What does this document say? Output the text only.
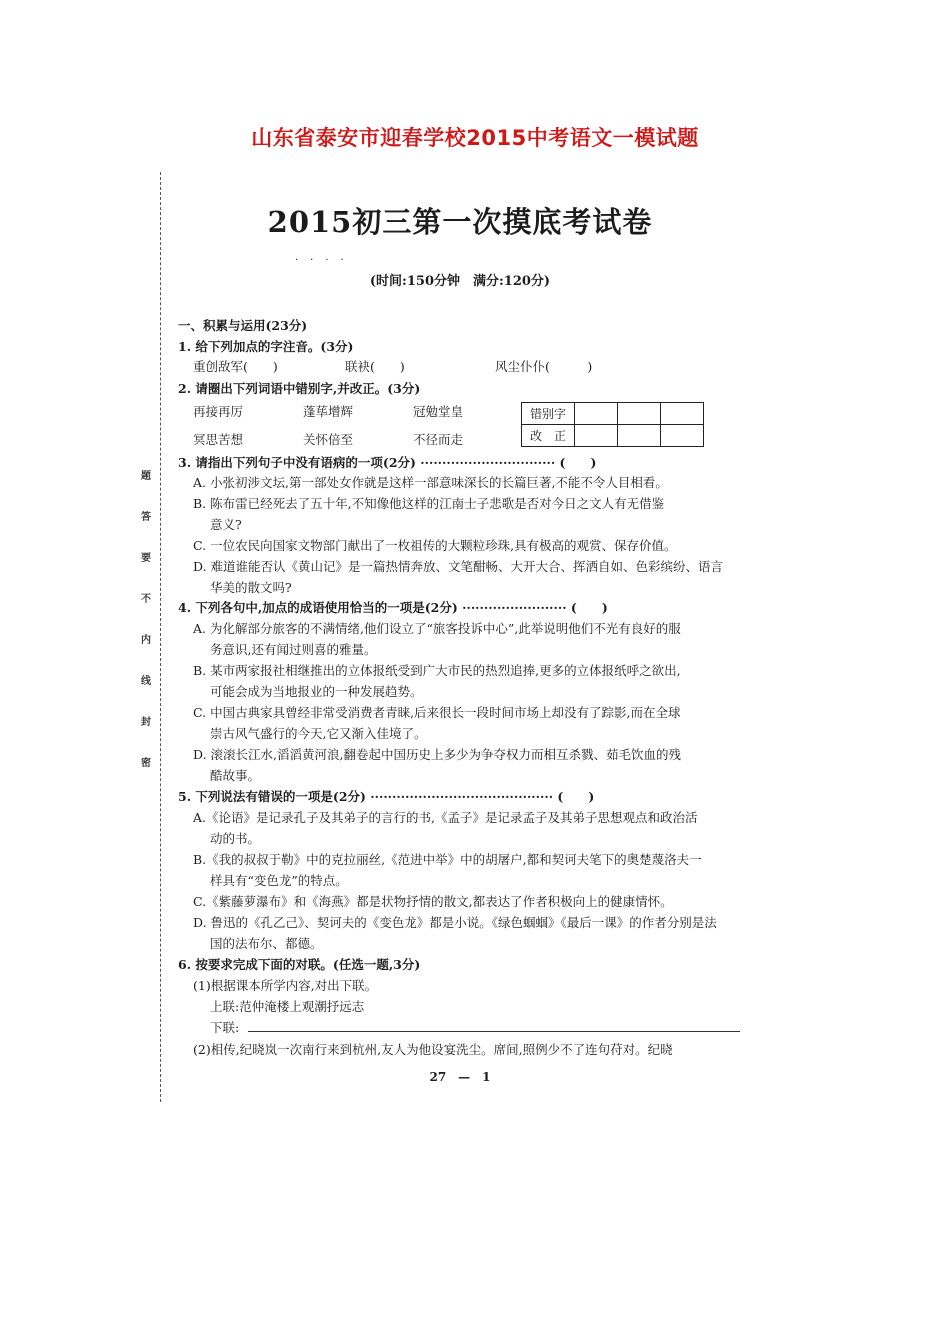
山东省泰安市迎春学校2015中考语文一模试题
题
答
要
不
内
线
封
密
2015初三第一次摸底考试卷
····
(时间:150分钟　满分:120分)
一、积累与运用(23分)
1. 给下列加点的字注音。(3分)
重创敌军(　　)	联袂(　　)	风尘仆仆(　　　)
2. 请圈出下列词语中错别字,并改正。(3分)
再接再厉	蓬荜增辉	冠勉堂皇
冥思苦想	关怀倍至	不径而走
错别字			
改　正			
3. 请指出下列句子中没有语病的一项(2分) ······························· (　　)
A. 小张初涉文坛,第一部处女作就是这样一部意味深长的长篇巨著,不能不令人目相看。
B. 陈布雷已经死去了五十年,不知像他这样的江南士子悲歌是否对今日之文人有无借鉴
意义?
C. 一位农民向国家文物部门献出了一枚祖传的大颗粒珍珠,具有极高的观赏、保存价值。
D. 难道谁能否认《黄山记》是一篇热情奔放、文笔酣畅、大开大合、挥洒自如、色彩缤纷、语言
华美的散文吗?
4. 下列各句中,加点的成语使用恰当的一项是(2分) ························ (　　)
A. 为化解部分旅客的不满情绪,他们设立了“旅客投诉中心”,此举说明他们不光有良好的服
务意识,还有闻过则喜的雅量。
B. 某市两家报社相继推出的立体报纸受到广大市民的热烈追捧,更多的立体报纸呼之欲出,
可能会成为当地报业的一种发展趋势。
C. 中国古典家具曾经非常受消费者青睐,后来很长一段时间市场上却没有了踪影,而在全球
崇古风气盛行的今天,它又渐入佳境了。
D. 滚滚长江水,滔滔黄河浪,翻卷起中国历史上多少为争夺权力而相互杀戮、茹毛饮血的残
酷故事。
5. 下列说法有错误的一项是(2分) ·········································· (　　)
A.《论语》是记录孔子及其弟子的言行的书,《孟子》是记录孟子及其弟子思想观点和政治活
动的书。
B.《我的叔叔于勒》中的克拉丽丝,《范进中举》中的胡屠户,都和契诃夫笔下的奥楚蔑洛夫一
样具有“变色龙”的特点。
C.《紫藤萝瀑布》和《海燕》都是状物抒情的散文,都表达了作者积极向上的健康情怀。
D. 鲁迅的《孔乙己》、契诃夫的《变色龙》都是小说。《绿色蝈蝈》《最后一课》的作者分别是法
国的法布尔、都德。
6. 按要求完成下面的对联。(任选一题,3分)
(1)根据课本所学内容,对出下联。
上联:范仲淹楼上观潮抒远志
下联:
(2)相传,纪晓岚一次南行来到杭州,友人为他设宴洗尘。席间,照例少不了连句苻对。纪晓
27　—　1
